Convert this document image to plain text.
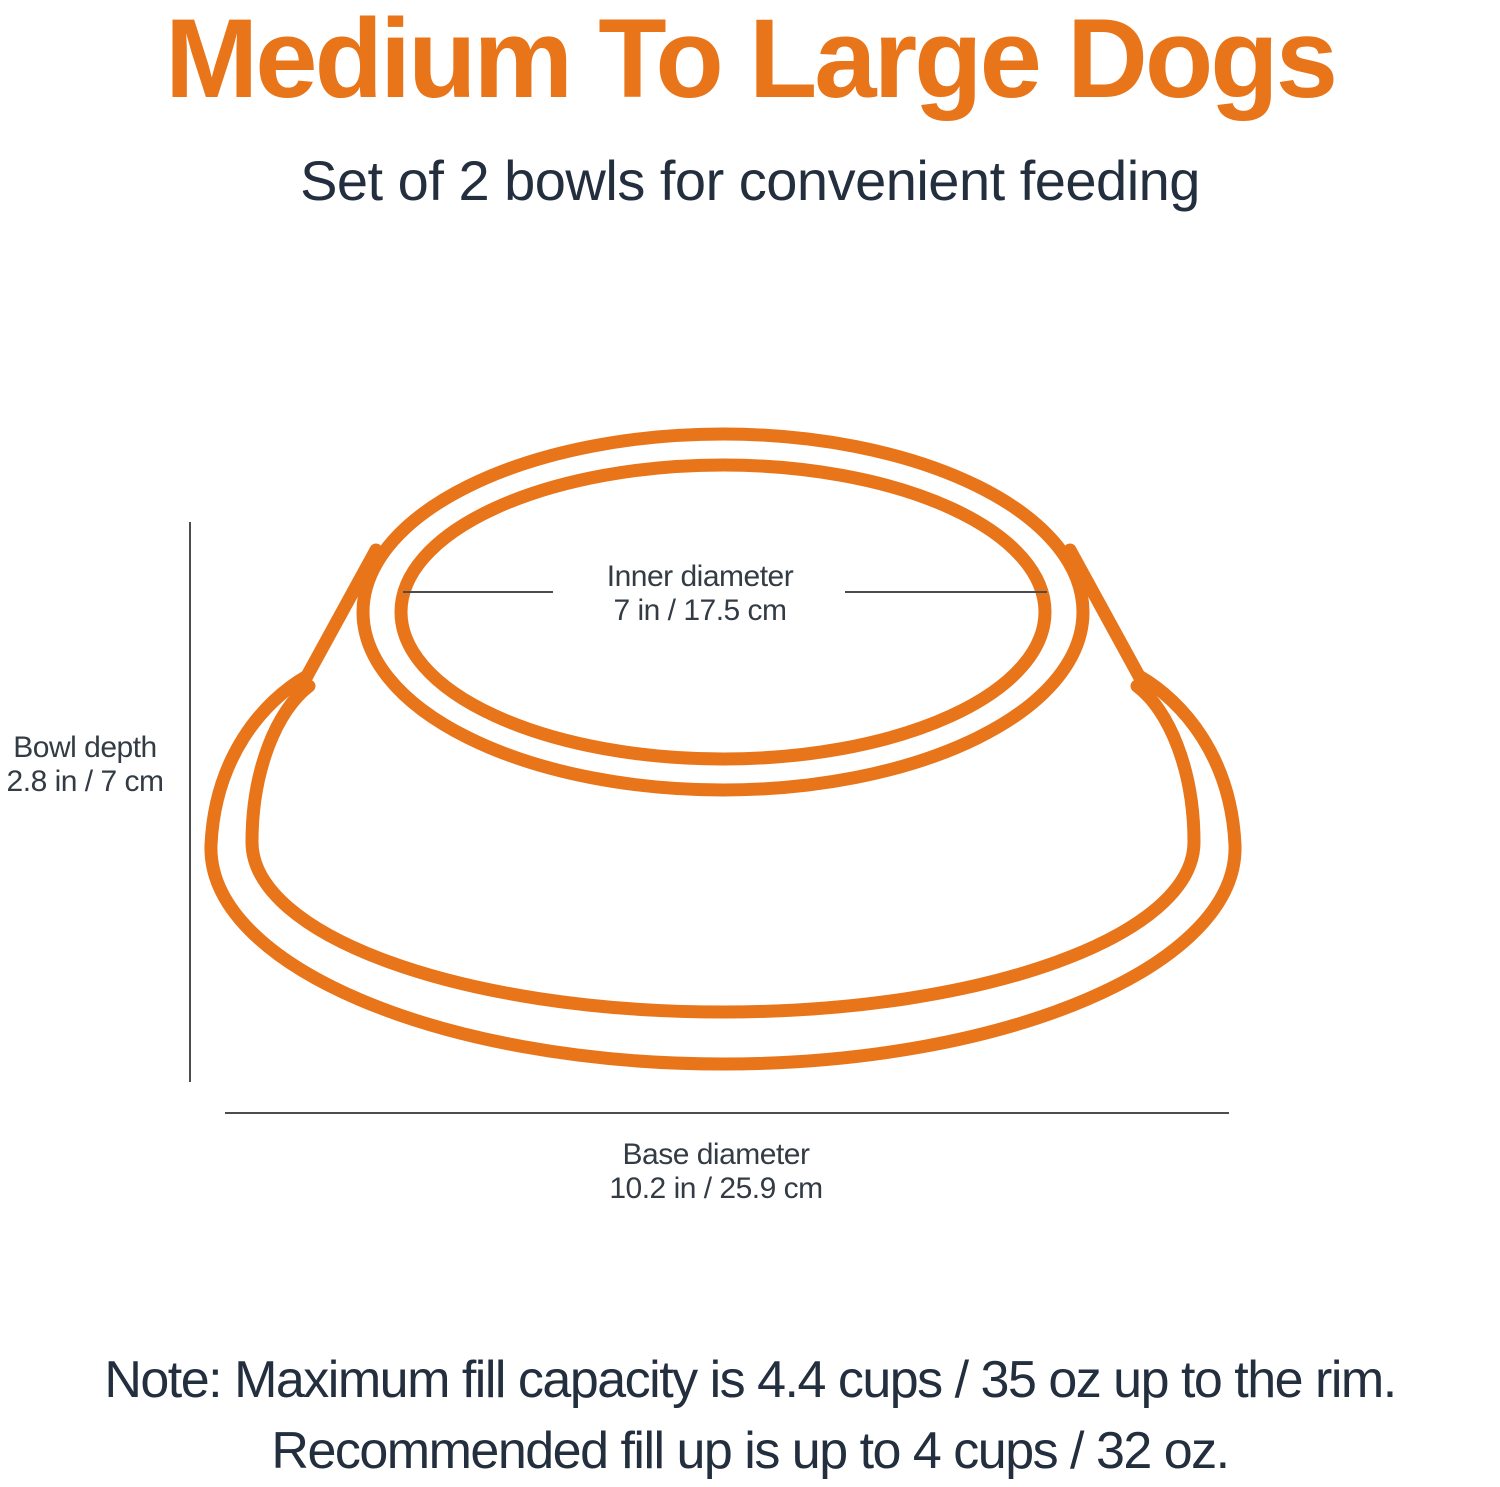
Medium To Large Dogs
Set of 2 bowls for convenient feeding
Inner diameter
7 in / 17.5 cm
Bowl depth
2.8 in / 7 cm
Base diameter
10.2 in / 25.9 cm
Note: Maximum fill capacity is 4.4 cups / 35 oz up to the rim.
Recommended fill up is up to 4 cups / 32 oz.
